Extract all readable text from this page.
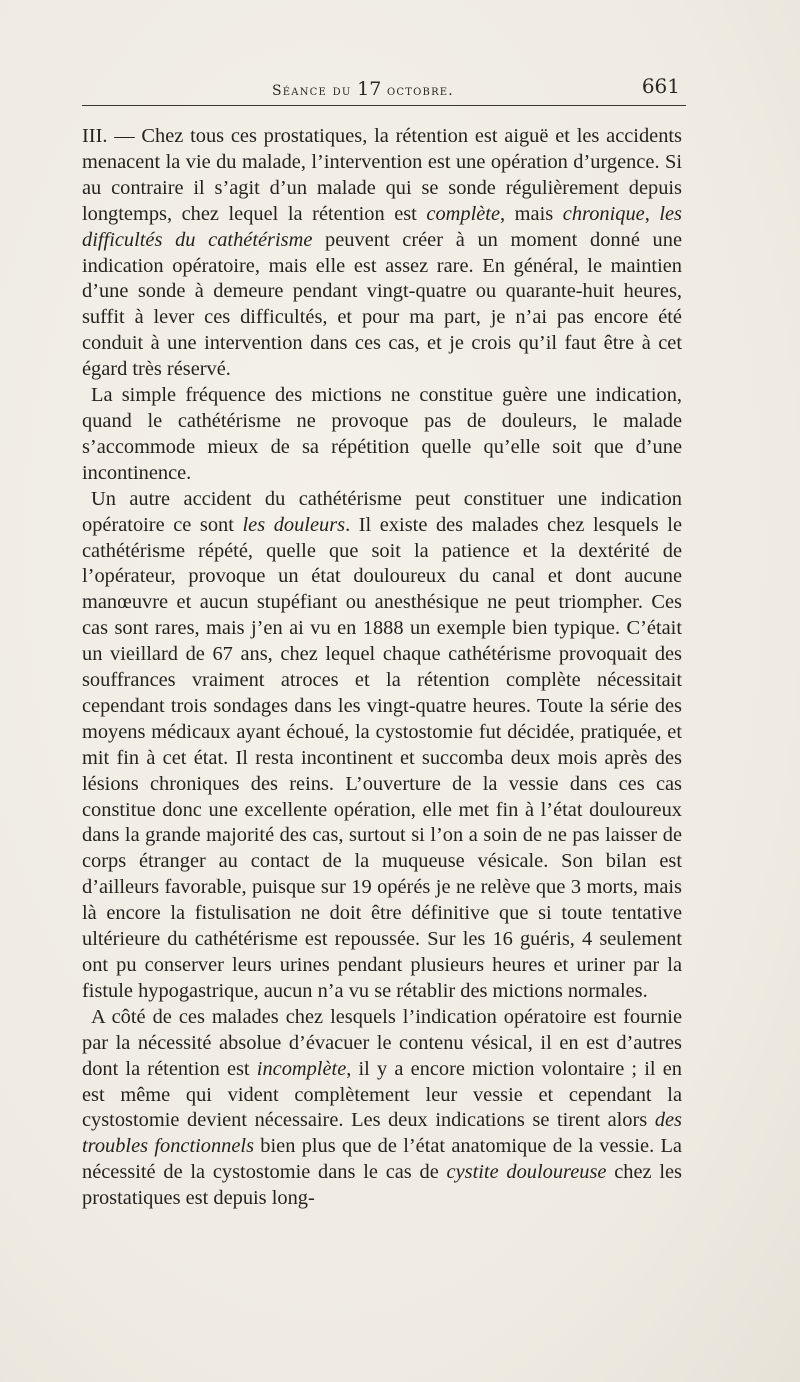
Séance du 17 octobre.	661

III. — Chez tous ces prostatiques, la rétention est aiguë et les accidents menacent la vie du malade, l’intervention est une opération d’urgence. Si au contraire il s’agit d’un malade qui se sonde régulièrement depuis longtemps, chez lequel la rétention est complète, mais chronique, les difficultés du cathétérisme peuvent créer à un moment donné une indication opératoire, mais elle est assez rare. En général, le maintien d’une sonde à demeure pendant vingt-quatre ou quarante-huit heures, suffit à lever ces difficultés, et pour ma part, je n’ai pas encore été conduit à une intervention dans ces cas, et je crois qu’il faut être à cet égard très réservé.

La simple fréquence des mictions ne constitue guère une indication, quand le cathétérisme ne provoque pas de douleurs, le malade s’accommode mieux de sa répétition quelle qu’elle soit que d’une incontinence.

Un autre accident du cathétérisme peut constituer une indication opératoire ce sont les douleurs. Il existe des malades chez lesquels le cathétérisme répété, quelle que soit la patience et la dextérité de l’opérateur, provoque un état douloureux du canal et dont aucune manœuvre et aucun stupéfiant ou anesthésique ne peut triompher. Ces cas sont rares, mais j’en ai vu en 1888 un exemple bien typique. C’était un vieillard de 67 ans, chez lequel chaque cathétérisme provoquait des souffrances vraiment atroces et la rétention complète nécessitait cependant trois sondages dans les vingt-quatre heures. Toute la série des moyens médicaux ayant échoué, la cystostomie fut décidée, pratiquée, et mit fin à cet état. Il resta incontinent et succomba deux mois après des lésions chroniques des reins. L’ouverture de la vessie dans ces cas constitue donc une excellente opération, elle met fin à l’état douloureux dans la grande majorité des cas, surtout si l’on a soin de ne pas laisser de corps étranger au contact de la muqueuse vésicale. Son bilan est d’ailleurs favorable, puisque sur 19 opérés je ne relève que 3 morts, mais là encore la fistulisation ne doit être définitive que si toute tentative ultérieure du cathétérisme est repoussée. Sur les 16 guéris, 4 seulement ont pu conserver leurs urines pendant plusieurs heures et uriner par la fistule hypogastrique, aucun n’a vu se rétablir des mictions normales.

A côté de ces malades chez lesquels l’indication opératoire est fournie par la nécessité absolue d’évacuer le contenu vésical, il en est d’autres dont la rétention est incomplète, il y a encore miction volontaire ; il en est même qui vident complètement leur vessie et cependant la cystostomie devient nécessaire. Les deux indications se tirent alors des troubles fonctionnels bien plus que de l’état anatomique de la vessie. La nécessité de la cystostomie dans le cas de cystite douloureuse chez les prostatiques est depuis long-
